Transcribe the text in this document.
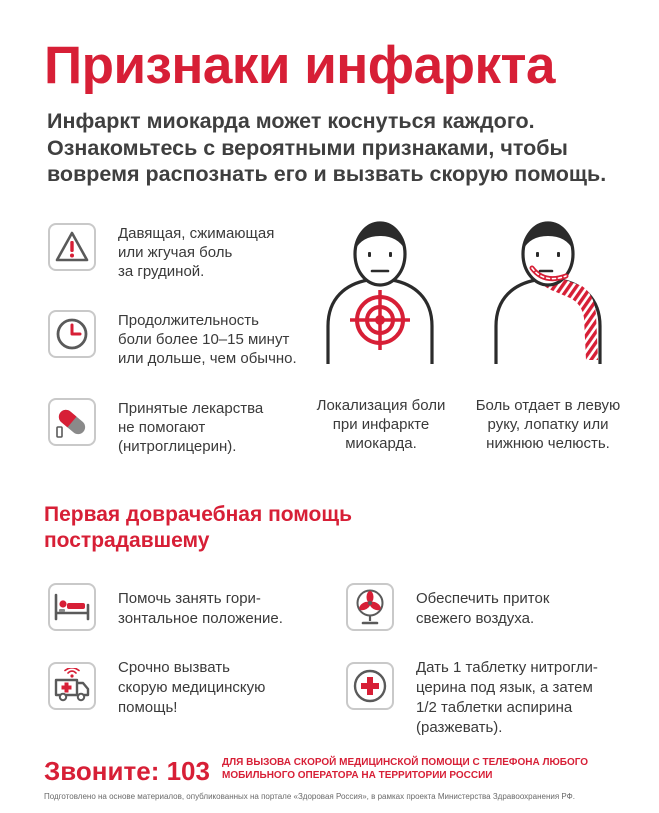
Признаки инфаркта
Инфаркт миокарда может коснуться каждого.
Ознакомьтесь с вероятными признаками, чтобы
вовремя распознать его и вызвать скорую помощь.
Давящая, сжимающая
или жгучая боль
за грудиной.
Продолжительность
боли более 10–15 минут
или дольше, чем обычно.
Принятые лекарства
не помогают
(нитроглицерин).
Локализация боли
при инфаркте
миокарда.
Боль отдает в левую
руку, лопатку или
нижнюю челюсть.
Первая доврачебная помощь
пострадавшему
Помочь занять гори-
зонтальное положение.
Обеспечить приток
свежего воздуха.
Срочно вызвать
скорую медицинскую
помощь!
Дать 1 таблетку нитрогли-
церина под язык, а затем
1/2 таблетки аспирина
(разжевать).
Звоните: 103 ДЛЯ ВЫЗОВА СКОРОЙ МЕДИЦИНСКОЙ ПОМОЩИ С ТЕЛЕФОНА ЛЮБОГО
МОБИЛЬНОГО ОПЕРАТОРА НА ТЕРРИТОРИИ РОССИИ
Подготовлено на основе материалов, опубликованных на портале «Здоровая Россия», в рамках проекта Министерства Здравоохранения РФ.
